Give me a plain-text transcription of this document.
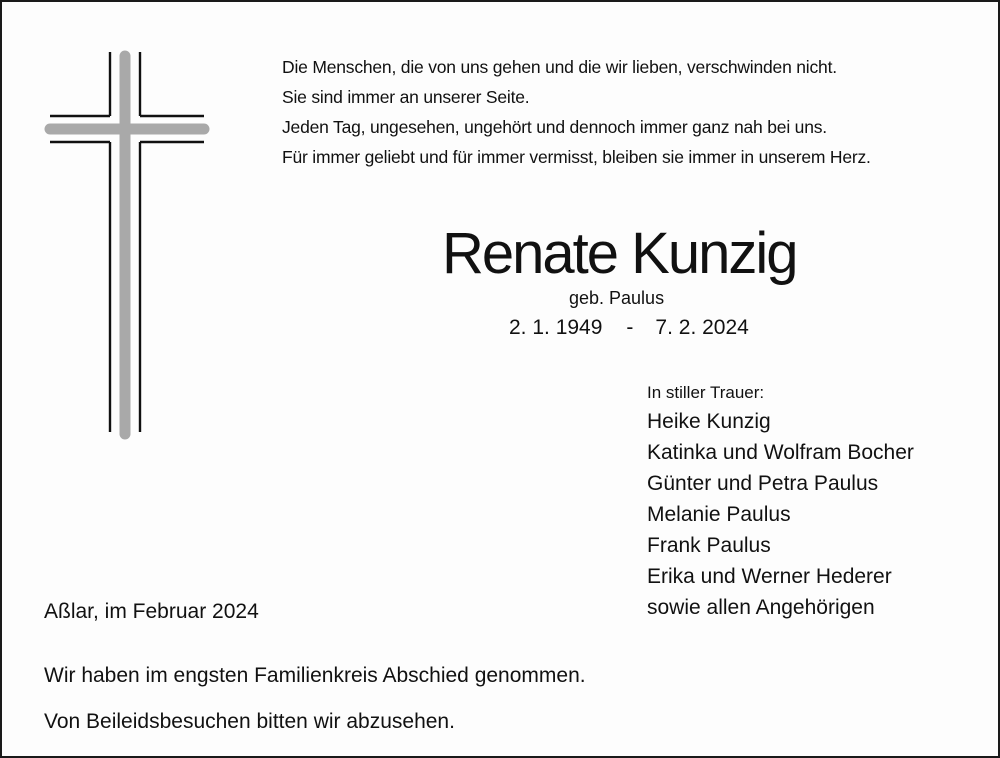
Die Menschen, die von uns gehen und die wir lieben, verschwinden nicht.
Sie sind immer an unserer Seite.
Jeden Tag, ungesehen, ungehört und dennoch immer ganz nah bei uns.
Für immer geliebt und für immer vermisst, bleiben sie immer in unserem Herz.
Renate Kunzig
geb. Paulus
2. 1. 1949 - 7. 2. 2024
In stiller Trauer:
Heike Kunzig
Katinka und Wolfram Bocher
Günter und Petra Paulus
Melanie Paulus
Frank Paulus
Erika und Werner Hederer
sowie allen Angehörigen
Aßlar, im Februar 2024
Wir haben im engsten Familienkreis Abschied genommen.
Von Beileidsbesuchen bitten wir abzusehen.
